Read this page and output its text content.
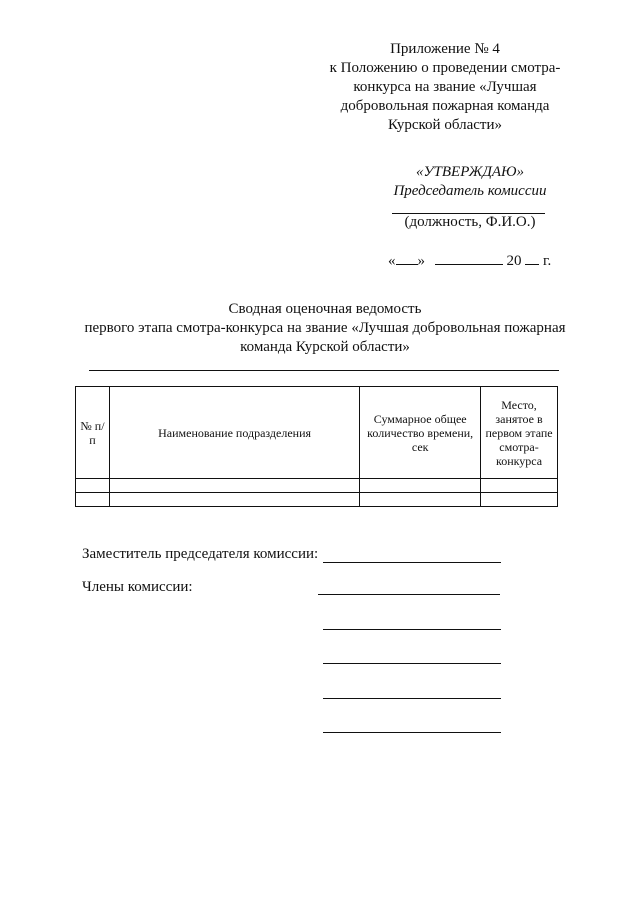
Приложение № 4
к Положению о проведении смотра-
конкурса на звание «Лучшая
добровольная пожарная команда
Курской области»
«УТВЕРЖДАЮ»
Председатель комиссии
(должность, Ф.И.О.)
« »	20 г.
Сводная оценочная ведомость
первого этапа смотра-конкурса на звание «Лучшая добровольная пожарная
команда Курской области»
№ п/п	Наименование подразделения	Суммарное общее количество времени, сек	Место, занятое в первом этапе смотра-конкурса

Заместитель председателя комиссии:
Члены комиссии:
